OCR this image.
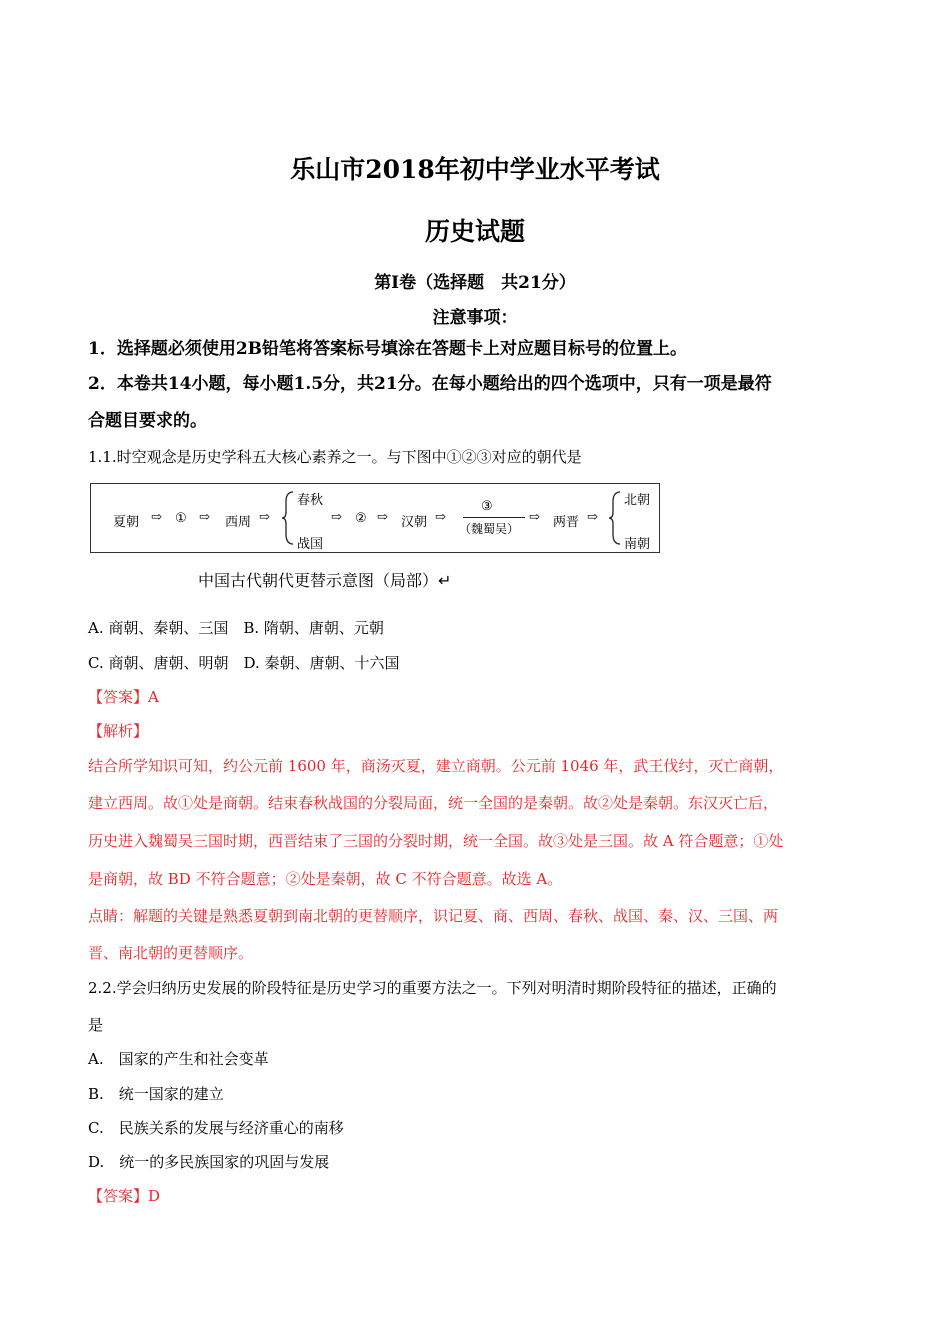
乐山市2018年初中学业水平考试
历史试题
第Ⅰ卷（选择题　共21分）
注意事项：
1．选择题必须使用2B铅笔将答案标号填涂在答题卡上对应题目标号的位置上。
2．本卷共14小题，每小题1.5分，共21分。在每小题给出的四个选项中，只有一项是最符
合题目要求的。
1.1.时空观念是历史学科五大核心素养之一。与下图中①②③对应的朝代是
夏朝 ⇨ ① ⇨ 西周 ⇨
春秋
战国
⇨ ② ⇨ 汉朝 ⇨
③
（魏蜀吴）
⇨ 两晋 ⇨
北朝
南朝
中国古代朝代更替示意图（局部）↵
A. 商朝、秦朝、三国　B. 隋朝、唐朝、元朝
C. 商朝、唐朝、明朝　D. 秦朝、唐朝、十六国
【答案】A
【解析】
结合所学知识可知，约公元前 1600 年，商汤灭夏，建立商朝。公元前 1046 年，武王伐纣，灭亡商朝，
建立西周。故①处是商朝。结束春秋战国的分裂局面，统一全国的是秦朝。故②处是秦朝。东汉灭亡后，
历史进入魏蜀吴三国时期，西晋结束了三国的分裂时期，统一全国。故③处是三国。故 A 符合题意；①处
是商朝，故 BD 不符合题意；②处是秦朝，故 C 不符合题意。故选 A。
点睛：解题的关键是熟悉夏朝到南北朝的更替顺序，识记夏、商、西周、春秋、战国、秦、汉、三国、两
晋、南北朝的更替顺序。
2.2.学会归纳历史发展的阶段特征是历史学习的重要方法之一。下列对明清时期阶段特征的描述，正确的
是
A.　国家的产生和社会变革
B.　统一国家的建立
C.　民族关系的发展与经济重心的南移
D.　统一的多民族国家的巩固与发展
【答案】D
